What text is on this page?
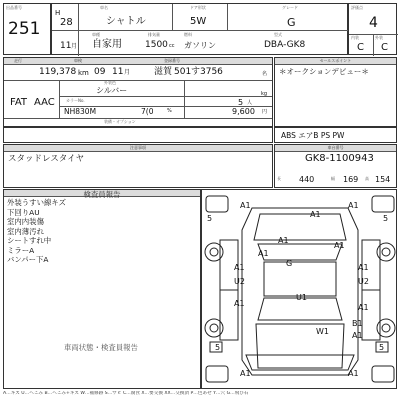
出品番号
251
車名	ドア形状	グレード
H
28	シャトル	5W	G
11 月
車種
自家用
排気量
1500 cc
燃料
ガソリン
型式
DBA-GK8
評価点
4
内装	外装
C C
走行	車検	登録番号
119,378 km 09 11 月	滋賀 501 す 3756	名
外装色
シルバー	kg
FAT AAC	5 人
カラーNo.
NH830M	7(0	%	9,600 円
装備・オプション
セールスポイント
＊オークションデビュー＊
ABS エアB PS PW
注意事項
スタッドレスタイヤ
車台番号
GK8-1100943
長 440	幅 169 高 154
検査員報告
外装うすい線キズ
下回りAU
室内内装傷
室内薄汚れ
シートすれ中
ミラーA
バンパー下A
車両状態・検査員報告
5
A1	A1
5
A1
A1
A1
A1
G
A1
U2
A1
A1
U2
U1
A1
B1
A1
W1
5
A1	A1
5
A…キズ U…へこみ B…へこみ+キズ W…補修跡 S…サビ C…腐食 X…要交換 XX…交換済 P…色あせ Y…穴 G…飛び石
